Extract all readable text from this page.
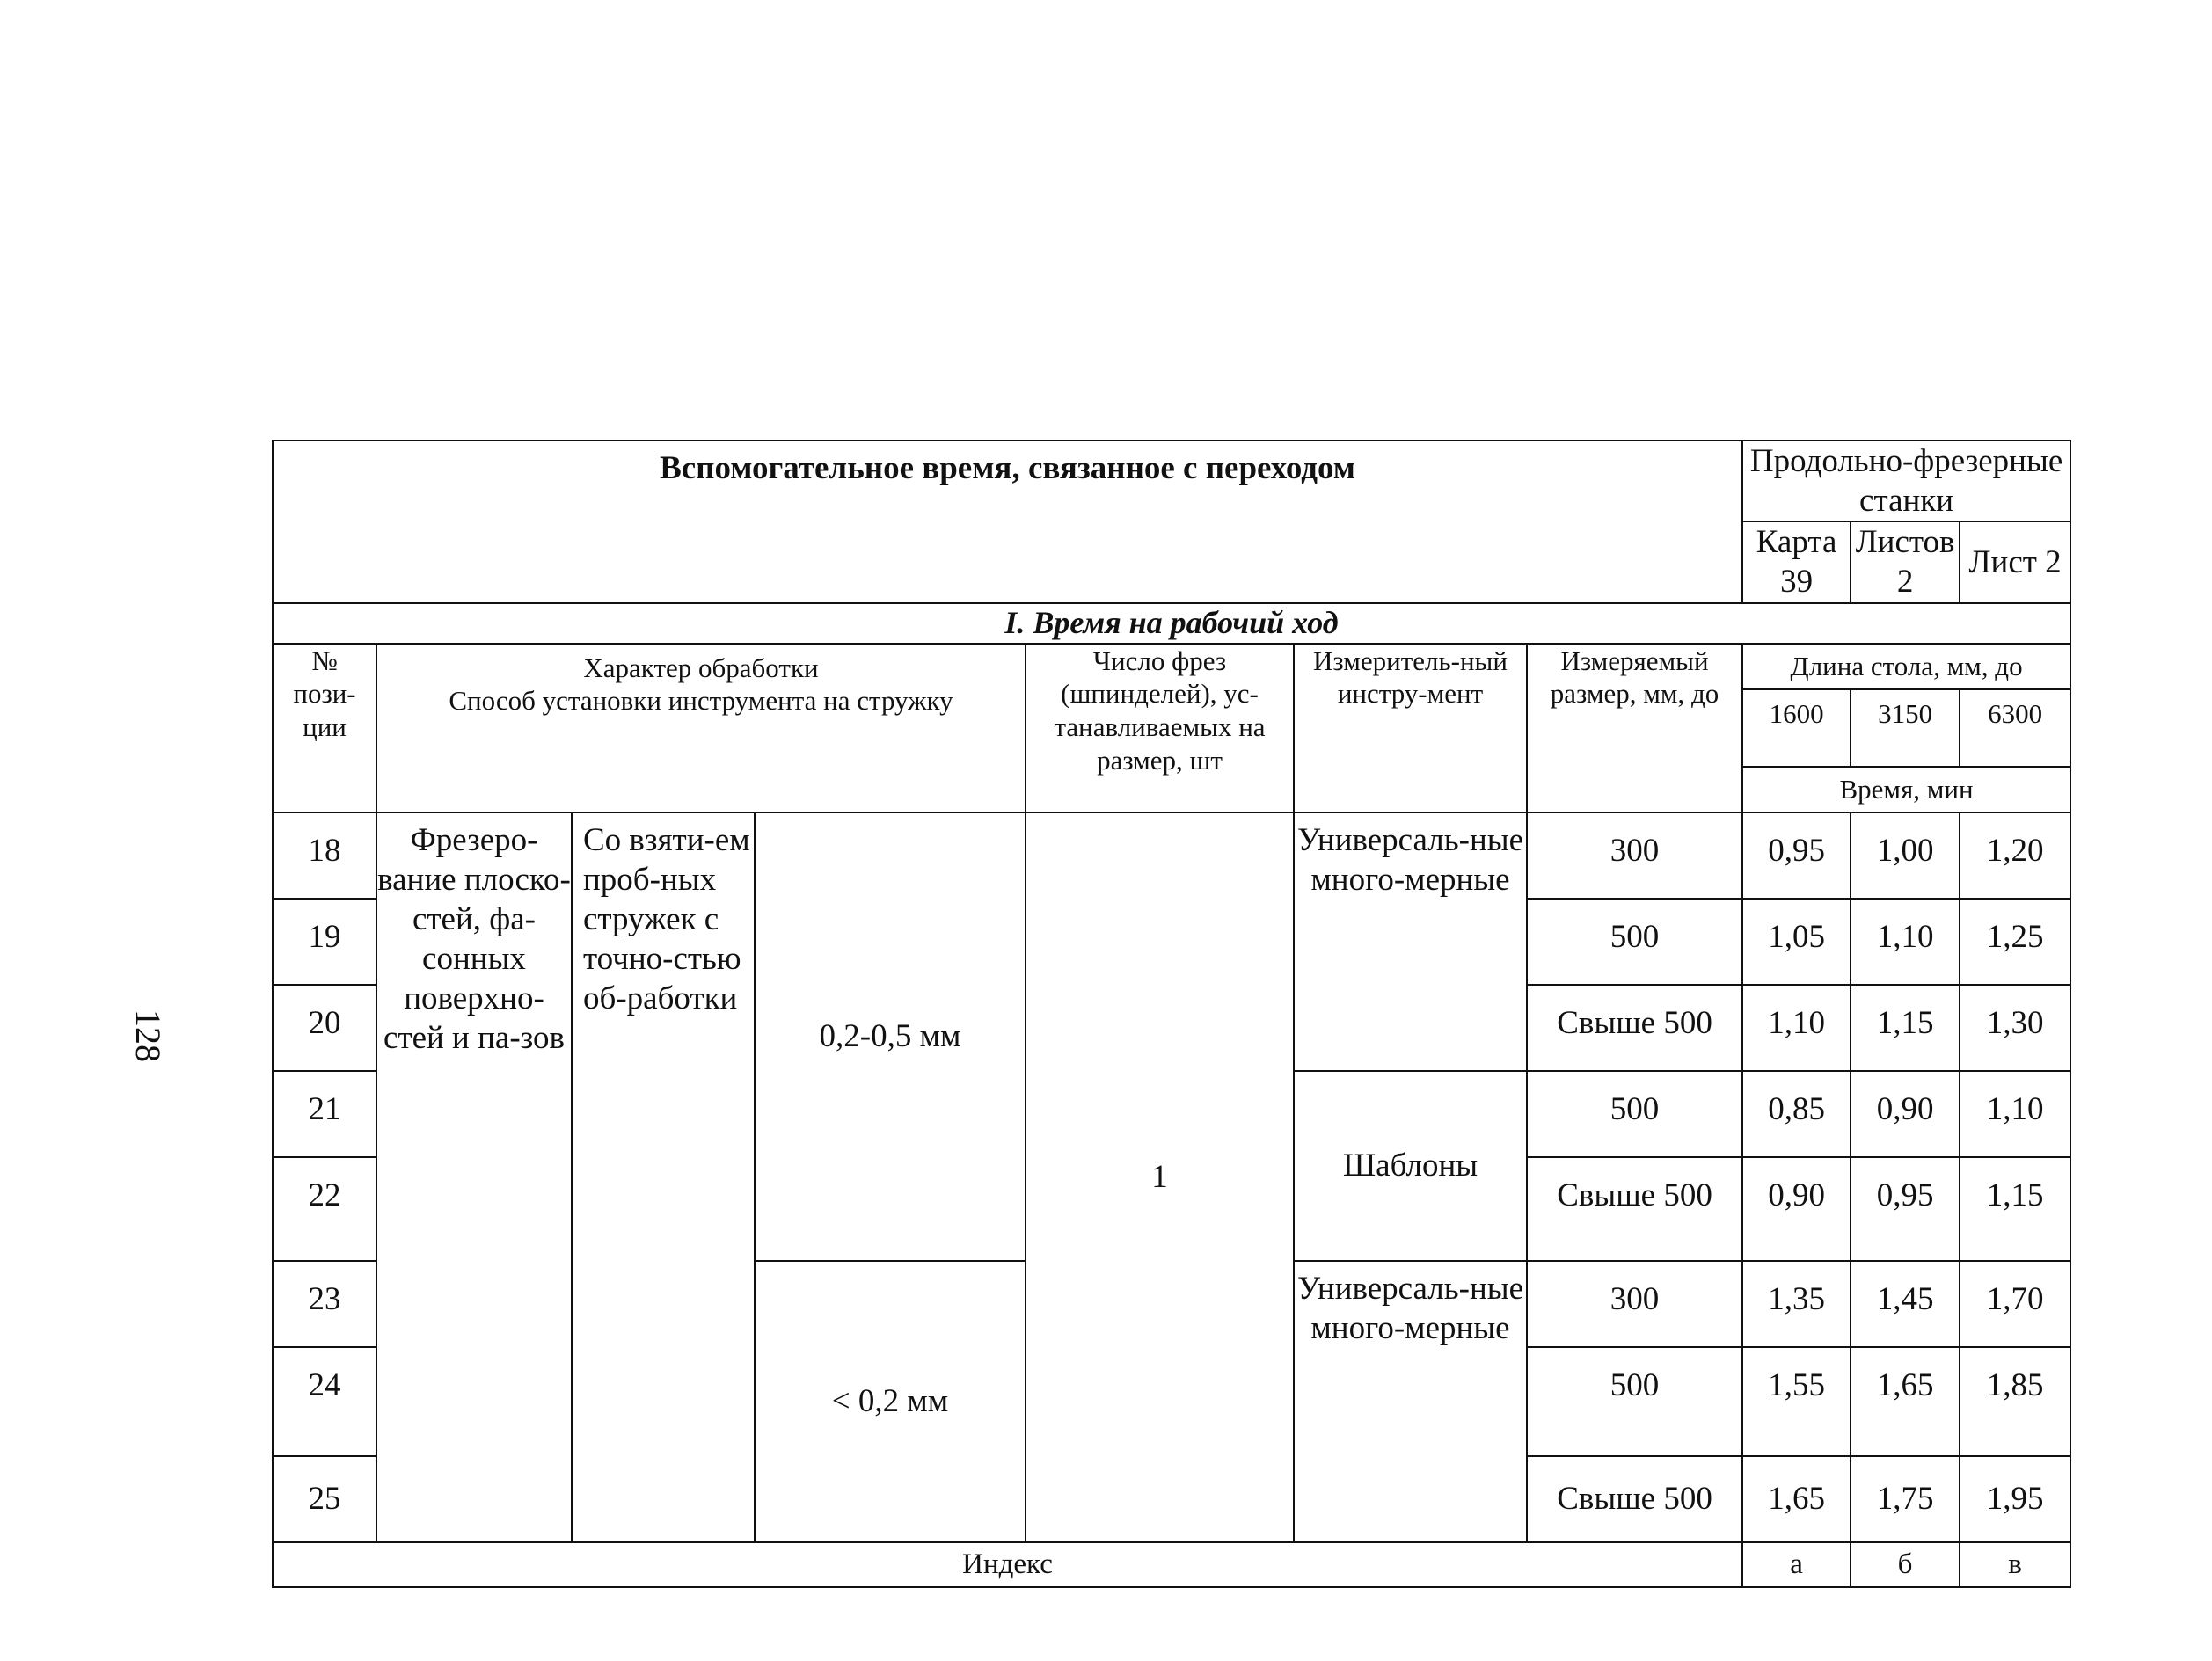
128
Вспомогательное время, связанное с переходом							Продольно-фрезерные станки		
							Карта 39	Листов 2	Лист 2
I. Время на рабочий ход									
№ пози-ции	Характер обработки
Способ установки инструмента на стружку			Число фрез (шпинделей), ус-танавливаемых на размер, шт	Измеритель-ный инстру-мент	Измеряемый размер, мм, до	Длина стола, мм, до		
							1600	3150	6300
							Время, мин		
18	Фрезеро-вание плоско-стей, фа-сонных поверхно-стей и па-зов	Со взяти-ем проб-ных стружек с точно-стью об-работки	0,2-0,5 мм	1	Универсаль-ные много-мерные	300	0,95	1,00	1,20
19						500	1,05	1,10	1,25
20						Свыше 500	1,10	1,15	1,30
21					Шаблоны	500	0,85	0,90	1,10
22						Свыше 500	0,90	0,95	1,15
23			< 0,2 мм		Универсаль-ные много-мерные	300	1,35	1,45	1,70
24						500	1,55	1,65	1,85
25						Свыше 500	1,65	1,75	1,95
Индекс							а	б	в
